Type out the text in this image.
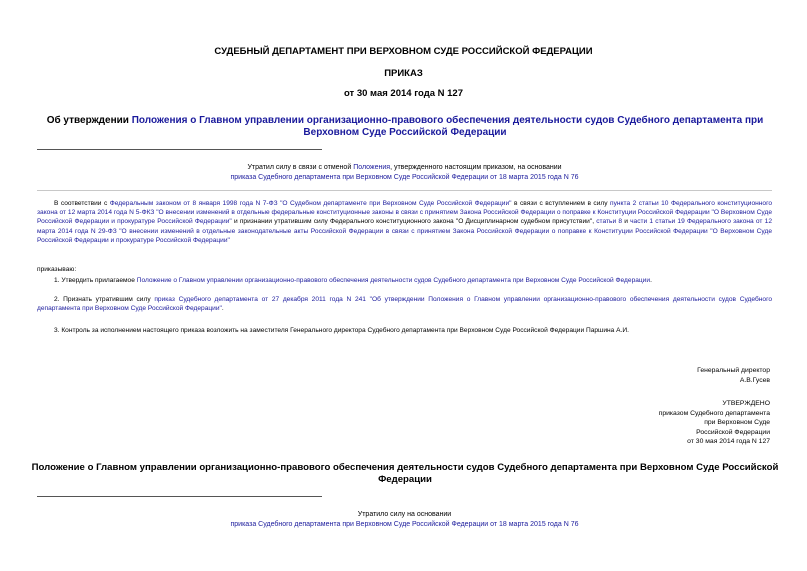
СУДЕБНЫЙ ДЕПАРТАМЕНТ ПРИ ВЕРХОВНОМ СУДЕ РОССИЙСКОЙ ФЕДЕРАЦИИ
ПРИКАЗ
от 30 мая 2014 года N 127
Об утверждении Положения о Главном управлении организационно-правового обеспечения деятельности судов Судебного департамента при Верховном Суде Российской Федерации
Утратил силу в связи с отменой Положения, утвержденного настоящим приказом, на основании
приказа Судебного департамента при Верховном Суде Российской Федерации от 18 марта 2015 года N 76
В соответствии с Федеральным законом от 8 января 1998 года N 7-ФЗ "О Судебном департаменте при Верховном Суде Российской Федерации" в связи с вступлением в силу пункта 2 статьи 10 Федерального конституционного закона от 12 марта 2014 года N 5-ФКЗ "О внесении изменений в отдельные федеральные конституционные законы в связи с принятием Закона Российской Федерации о поправке к Конституции Российской Федерации "О Верховном Суде Российской Федерации и прокуратуре Российской Федерации" и признании утратившим силу Федерального конституционного закона "О Дисциплинарном судебном присутствии", статьи 8 и части 1 статьи 19 Федерального закона от 12 марта 2014 года N 29-ФЗ "О внесении изменений в отдельные законодательные акты Российской Федерации в связи с принятием Закона Российской Федерации о поправке к Конституции Российской Федерации "О Верховном Суде Российской Федерации и прокуратуре Российской Федерации"
приказываю:
1. Утвердить прилагаемое Положение о Главном управлении организационно-правового обеспечения деятельности судов Судебного департамента при Верховном Суде Российской Федерации.
2. Признать утратившим силу приказ Судебного департамента от 27 декабря 2011 года N 241 "Об утверждении Положения о Главном управлении организационно-правового обеспечения деятельности судов Судебного департамента при Верховном Суде Российской Федерации".
3. Контроль за исполнением настоящего приказа возложить на заместителя Генерального директора Судебного департамента при Верховном Суде Российской Федерации Паршина А.И.
Генеральный директор
А.В.Гусев
УТВЕРЖДЕНО
приказом Судебного департамента
при Верховном Суде
Российской Федерации
от 30 мая 2014 года N 127
Положение о Главном управлении организационно-правового обеспечения деятельности судов Судебного департамента при Верховном Суде Российской Федерации
Утратило силу на основании
приказа Судебного департамента при Верховном Суде Российской Федерации от 18 марта 2015 года N 76
